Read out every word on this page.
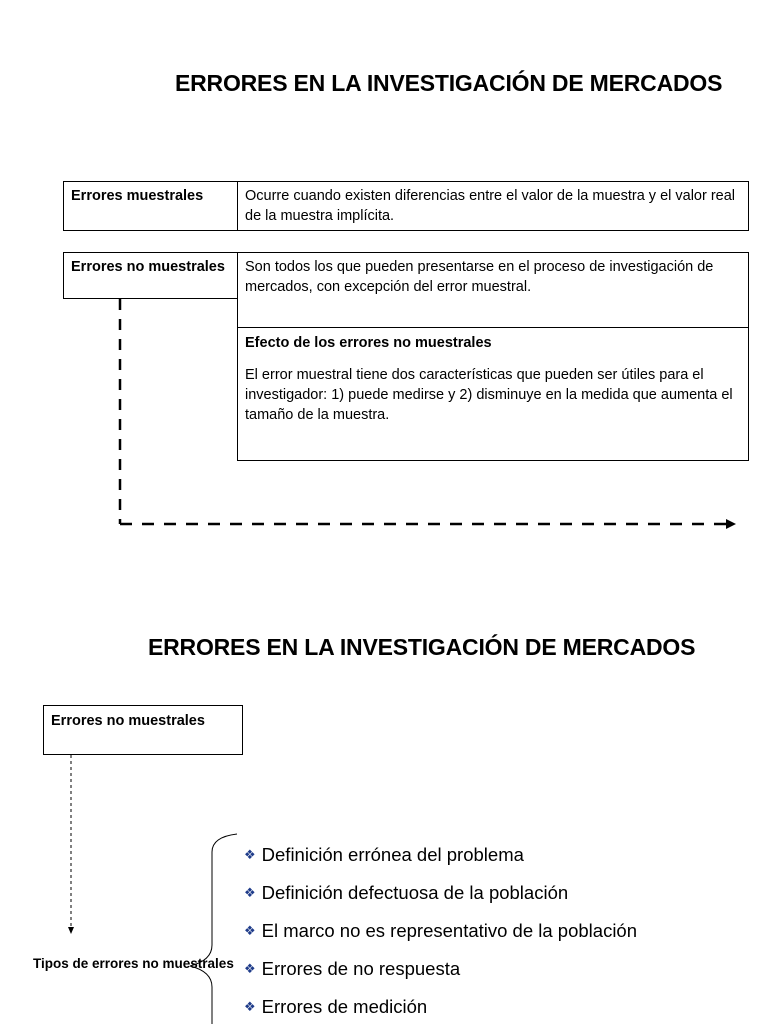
ERRORES EN LA INVESTIGACIÓN DE MERCADOS
Errores muestrales	Ocurre cuando existen diferencias entre el valor de la muestra y el valor real de la muestra implícita.
Errores no muestrales	Son todos los que pueden presentarse en el proceso de investigación de mercados, con excepción del error muestral.
Efecto de los errores no muestrales
El error muestral tiene dos características que pueden ser útiles para el investigador: 1) puede medirse y 2) disminuye en la medida que aumenta el tamaño de la muestra.
ERRORES EN LA INVESTIGACIÓN DE MERCADOS
Errores no muestrales
Tipos de errores no muestrales
❖ Definición errónea del problema
❖ Definición defectuosa de la población
❖ El marco no es representativo de la población
❖ Errores de no respuesta
❖ Errores de medición
